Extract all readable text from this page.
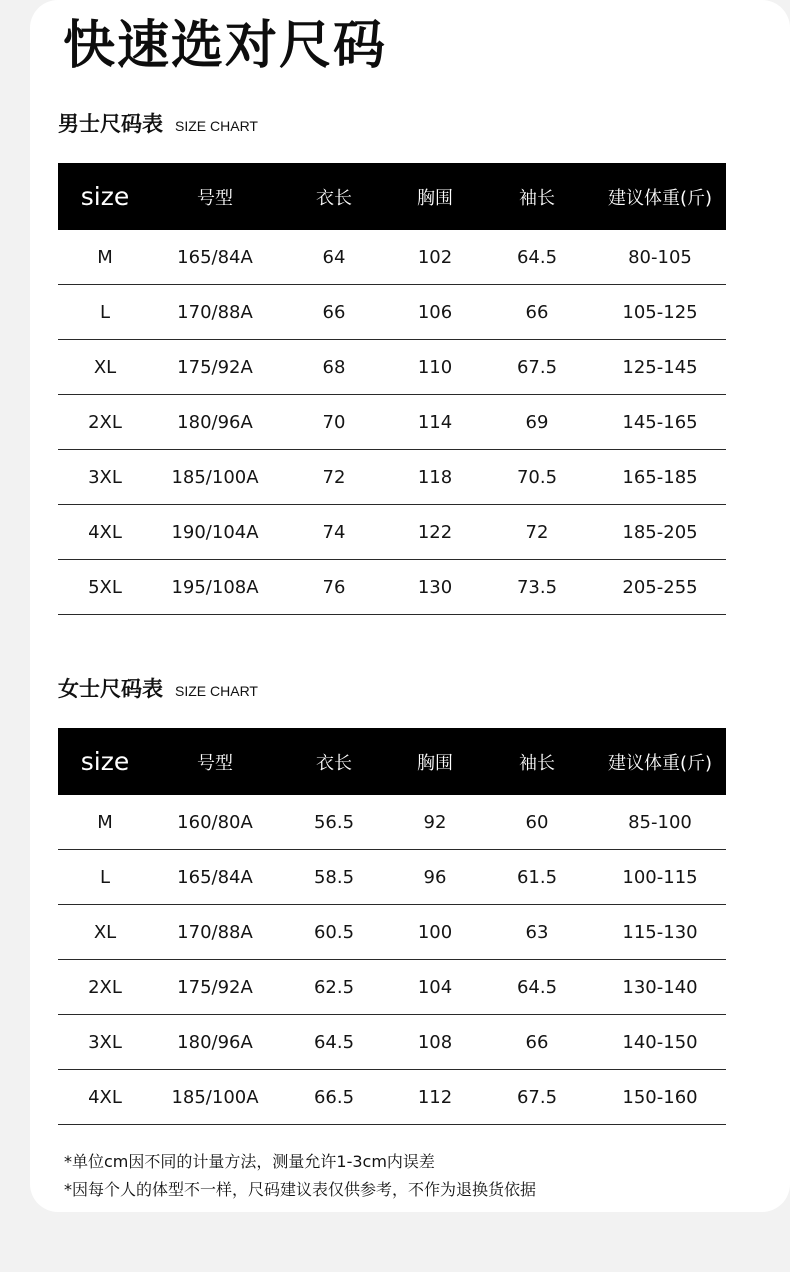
快速选对尺码
男士尺码表 SIZE CHART
size	号型	衣长	胸围	袖长	建议体重(斤)
M	165/84A	64	102	64.5	80-105
L	170/88A	66	106	66	105-125
XL	175/92A	68	110	67.5	125-145
2XL	180/96A	70	114	69	145-165
3XL	185/100A	72	118	70.5	165-185
4XL	190/104A	74	122	72	185-205
5XL	195/108A	76	130	73.5	205-255
女士尺码表 SIZE CHART
size	号型	衣长	胸围	袖长	建议体重(斤)
M	160/80A	56.5	92	60	85-100
L	165/84A	58.5	96	61.5	100-115
XL	170/88A	60.5	100	63	115-130
2XL	175/92A	62.5	104	64.5	130-140
3XL	180/96A	64.5	108	66	140-150
4XL	185/100A	66.5	112	67.5	150-160
*单位cm因不同的计量方法，测量允许1-3cm内误差
*因每个人的体型不一样，尺码建议表仅供参考，不作为退换货依据
